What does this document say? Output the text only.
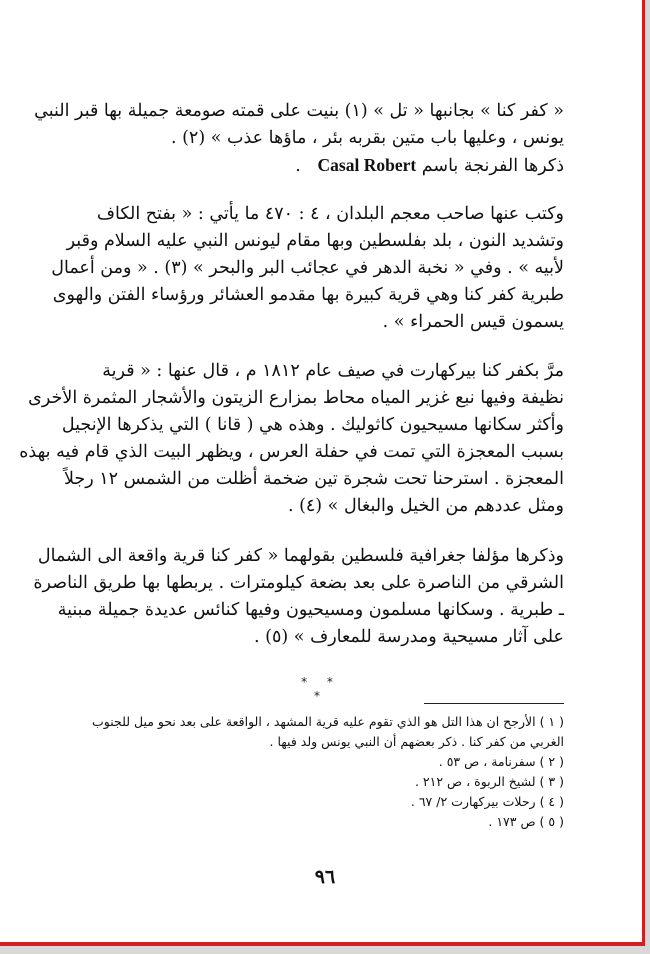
« كفر كنا » بجانبها « تل » (١) بنيت على قمته صومعة جميلة بها قبر النبي
يونس ، وعليها باب متين بقربه بئر ، ماؤها عذب » (٢) .
ذكرها الفرنجة باسم Casal Robert   .

وكتب عنها صاحب معجم البلدان ، ٤ : ٤٧٠ ما يأتي : « بفتح الكاف
وتشديد النون ، بلد بفلسطين وبها مقام ليونس النبي عليه السلام وقبر
لأبيه » . وفي « نخبة الدهر في عجائب البر والبحر » (٣) . « ومن أعمال
طبرية كفر كنا وهي قرية كبيرة بها مقدمو العشائر ورؤساء الفتن والهوى
يسمون قيس الحمراء » .

مرَّ بكفر كنا بيركهارت في صيف عام ١٨١٢ م ، قال عنها : « قرية
نظيفة وفيها نبع غزير المياه محاط بمزارع الزيتون والأشجار المثمرة الأخرى
وأكثر سكانها مسيحيون كاثوليك . وهذه هي ( قانا ) التي يذكرها الإنجيل
بسبب المعجزة التي تمت في حفلة العرس ، ويظهر البيت الذي قام فيه بهذه
المعجزة . استرحنا تحت شجرة تين ضخمة أظلت من الشمس ١٢ رجلاً
ومثل عددهم من الخيل والبغال » (٤) .

وذكرها مؤلفا جغرافية فلسطين بقولهما « كفر كنا قرية واقعة الى الشمال
الشرقي من الناصرة على بعد بضعة كيلومترات . يربطها بها طريق الناصرة
ـ طبرية . وسكانها مسلمون ومسيحيون وفيها كنائس عديدة جميلة مبنية
على آثار مسيحية ومدرسة للمعارف » (٥) .

* * *
( ١ ) الأرجح ان هذا التل هو الذي تقوم عليه قرية المشهد ، الواقعة على بعد نحو ميل للجنوب
الغربي من كفر كنا . ذكر بعضهم أن النبي يونس ولد فيها .
( ٢ ) سفرنامة ، ص ٥٣ .
( ٣ ) لشيخ الربوة ، ص ٢١٢ .
( ٤ ) رحلات بيركهارت ٢/ ٦٧ .
( ٥ ) ص ١٧٣ .
٩٦
